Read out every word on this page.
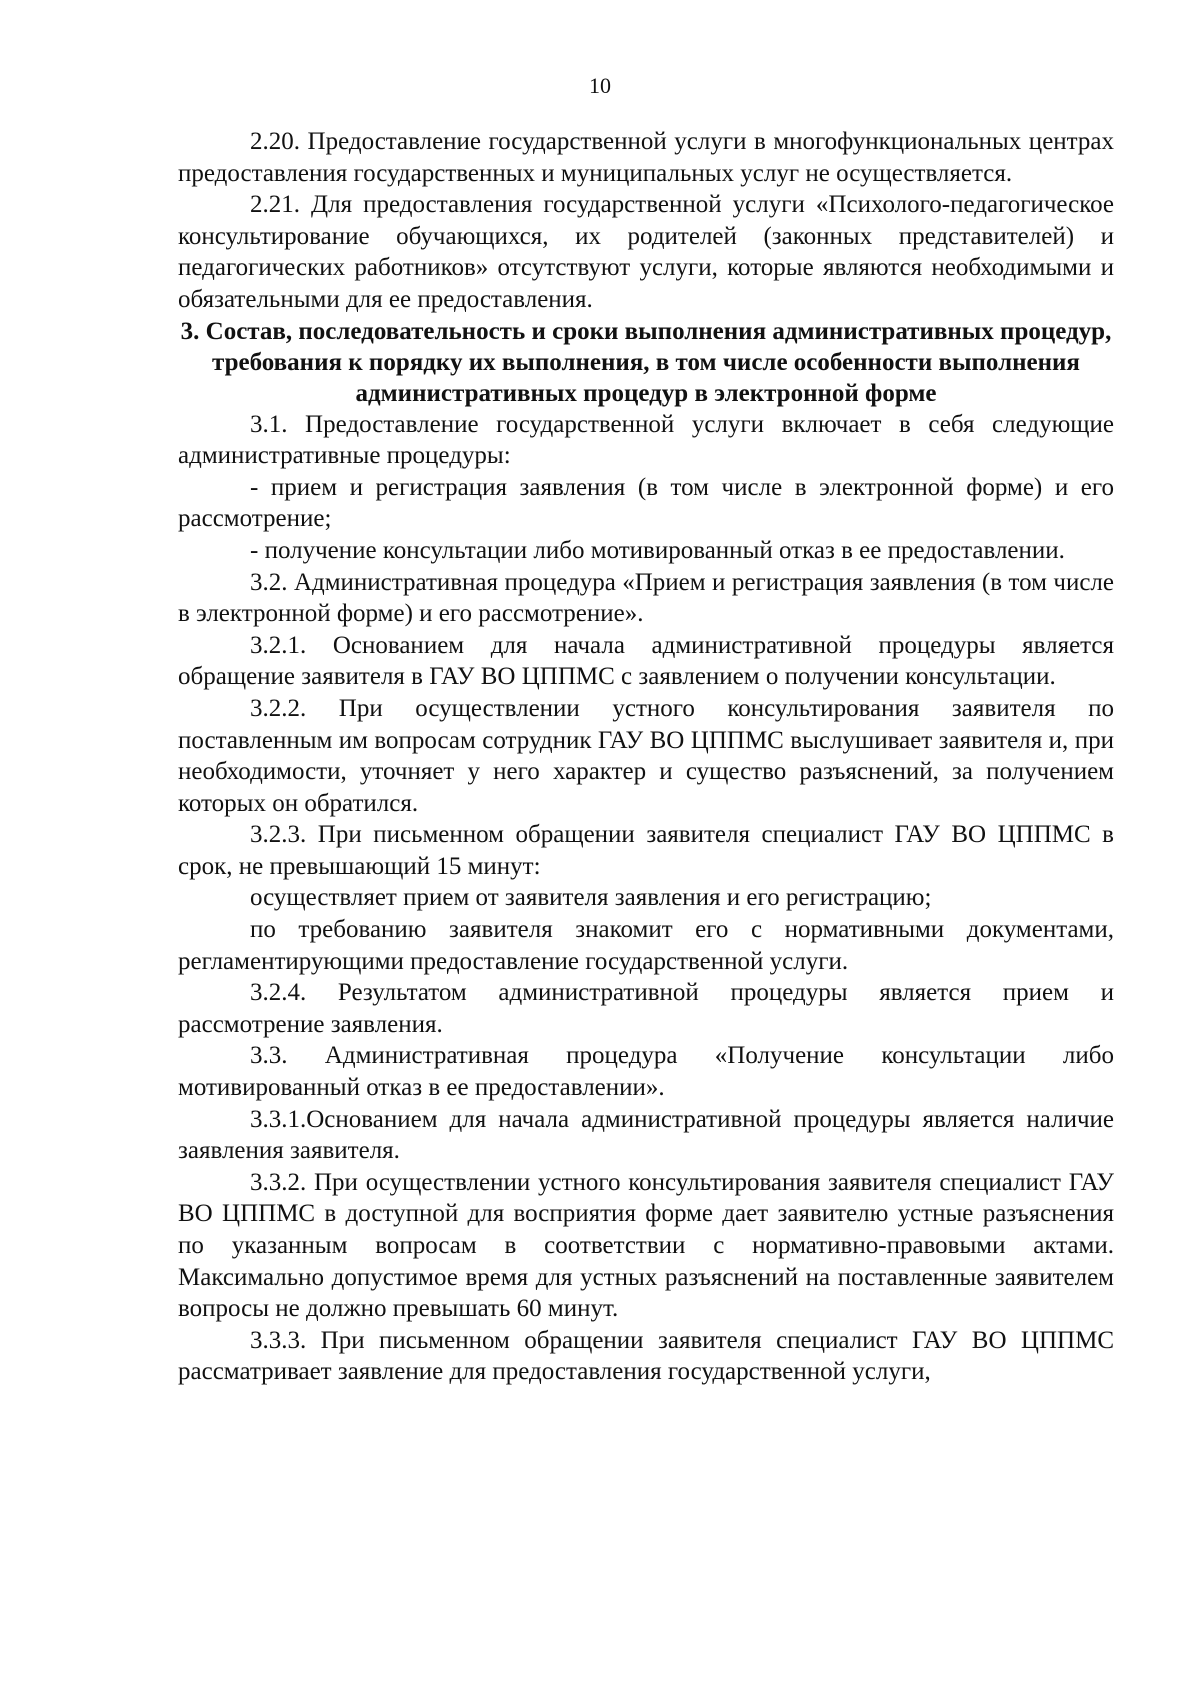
10

2.20. Предоставление государственной услуги в многофункциональных центрах предоставления государственных и муниципальных услуг не осуществляется.

2.21. Для предоставления государственной услуги «Психолого-педагогическое консультирование обучающихся, их родителей (законных представителей) и педагогических работников» отсутствуют услуги, которые являются необходимыми и обязательными для ее предоставления.

3. Состав, последовательность и сроки выполнения административных процедур, требования к порядку их выполнения, в том числе особенности выполнения административных процедур в электронной форме

3.1. Предоставление государственной услуги включает в себя следующие административные процедуры:

- прием и регистрация заявления (в том числе в электронной форме) и его рассмотрение;

- получение консультации либо мотивированный отказ в ее предоставлении.

3.2. Административная процедура «Прием и регистрация заявления (в том числе в электронной форме) и его рассмотрение».

3.2.1. Основанием для начала административной процедуры является обращение заявителя в ГАУ ВО ЦППМС с заявлением о получении консультации.

3.2.2. При осуществлении устного консультирования заявителя по поставленным им вопросам сотрудник ГАУ ВО ЦППМС выслушивает заявителя и, при необходимости, уточняет у него характер и существо разъяснений, за получением которых он обратился.

3.2.3. При письменном обращении заявителя специалист ГАУ ВО ЦППМС в срок, не превышающий 15 минут:

осуществляет прием от заявителя заявления и его регистрацию;

по требованию заявителя знакомит его с нормативными документами, регламентирующими предоставление государственной услуги.

3.2.4. Результатом административной процедуры является прием и рассмотрение заявления.

3.3. Административная процедура «Получение консультации либо мотивированный отказ в ее предоставлении».

3.3.1.Основанием для начала административной процедуры является наличие заявления заявителя.

3.3.2. При осуществлении устного консультирования заявителя специалист ГАУ ВО ЦППМС в доступной для восприятия форме дает заявителю устные разъяснения по указанным вопросам в соответствии с нормативно-правовыми актами. Максимально допустимое время для устных разъяснений на поставленные заявителем вопросы не должно превышать 60 минут.

3.3.3. При письменном обращении заявителя специалист ГАУ ВО ЦППМС рассматривает заявление для предоставления государственной услуги,
